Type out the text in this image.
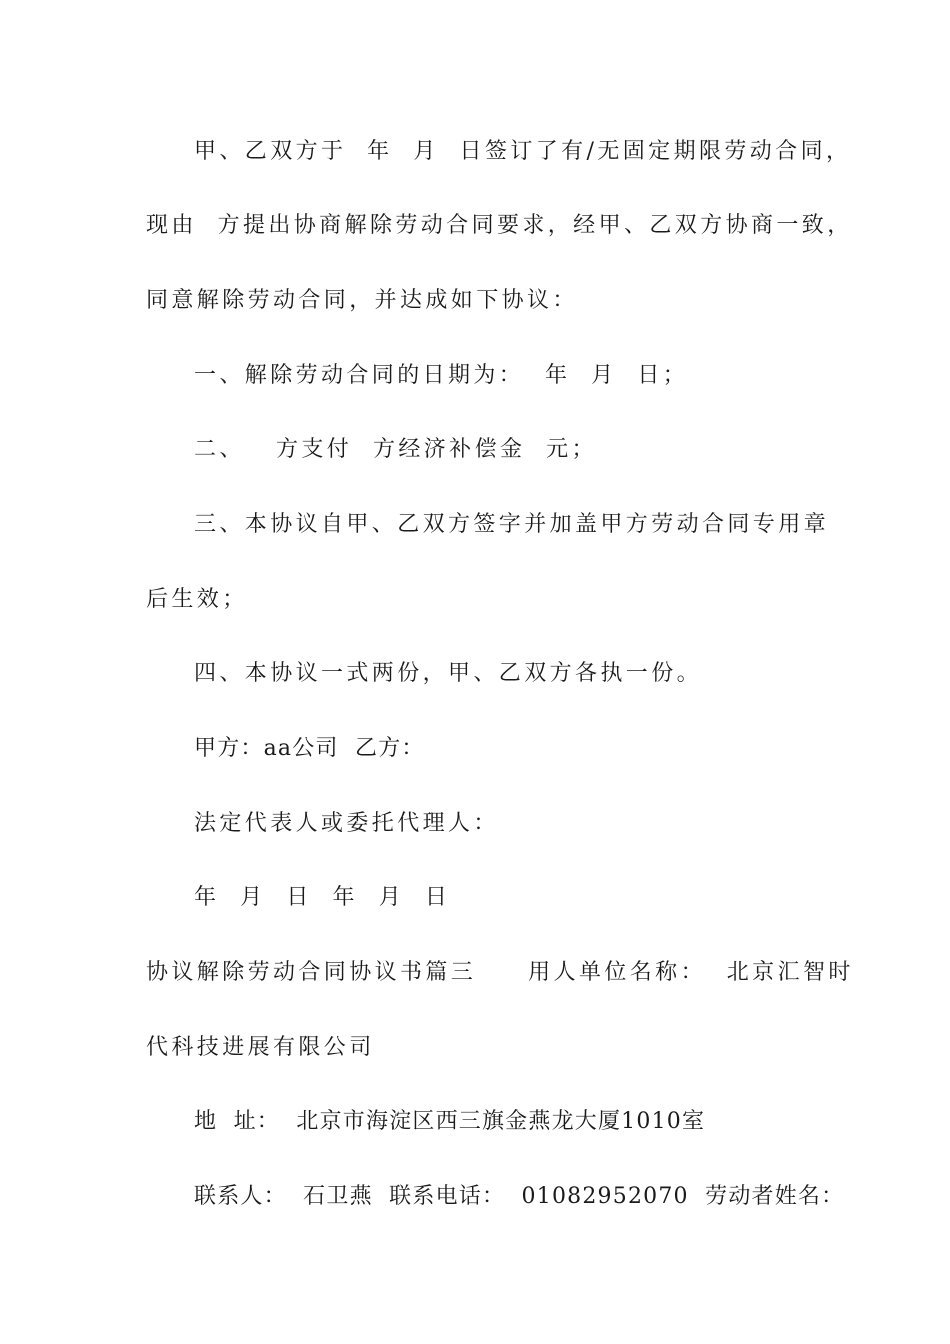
甲、乙双方于  年  月  日签订了有/无固定期限劳动合同，

现由  方提出协商解除劳动合同要求，经甲、乙双方协商一致，

同意解除劳动合同，并达成如下协议：

一、解除劳动合同的日期为：  年  月  日；

二、   方支付  方经济补偿金  元；

三、本协议自甲、乙双方签字并加盖甲方劳动合同专用章

后生效；

四、本协议一式两份，甲、乙双方各执一份。

甲方：aa公司  乙方：

法定代表人或委托代理人：

年  月  日  年  月  日

协议解除劳动合同协议书篇三     用人单位名称：  北京汇智时

代科技进展有限公司

地  址：  北京市海淀区西三旗金燕龙大厦1010室

联系人：  石卫燕  联系电话：  01082952070  劳动者姓名：
